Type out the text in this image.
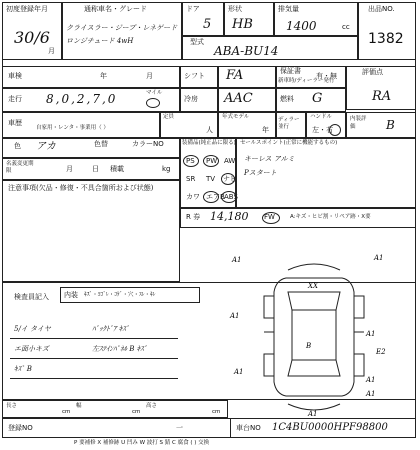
初度登録年月
30/6
月
通称車名・グレード
クライスラー・ジープ・レネゲード ロンジチュード 4wH
ドア
5
形状
HB
排気量
1400	cc
型式
ABA-BU14
出品NO.
1382
車検	年	月	シフト FA	保証書
新車時/ディーラー発行
有・無	評価点
RA
走行 8,0,2,7,0	マイル
冷房 AAC	燃料 G
車歴
自家用・レンタ・事業用（ ）
定員
人
年式モデル
年
ディラー並行
ハンドル
左・右
内装評価	B
色 アカ	色替	カラーNO
名義変更期限	月	日 積載	kg
注意事項(欠品・修復・不具合箇所および状態)
装備品(純正品に限る)
PS PW AW
SR TV ナビ
カワ エアB ABS
R 券 14,180 FW	A:キズ・ヒビ割・リペア跡・X要
セールスポイント(正常に機能するもの)
キーレス アルミ
Pスタート
検査員記入 内装 ｷｽﾞ・ﾖｺﾞﾚ・ｺｹﾞ・穴・ｽﾚ・ｷﾚ
5/イ タイヤ	ﾊﾞｯｸﾄﾞｱ ｷｽﾞ
エ面小キズ	左ｽﾃｲﾝﾊﾟﾈﾙ B ｷｽﾞ
ｷｽﾞ B
A1
XX
A1
A1
A1
B
E2
A1
A1
A1
A1
長さ
cm
幅
cm
高さ
cm
登録NO	一	車台NO 1C4BU0000HPF98800
P 要補修 X 補修跡 U 凹み W 波打 S 錆 C 腐食 ( ) 交換
